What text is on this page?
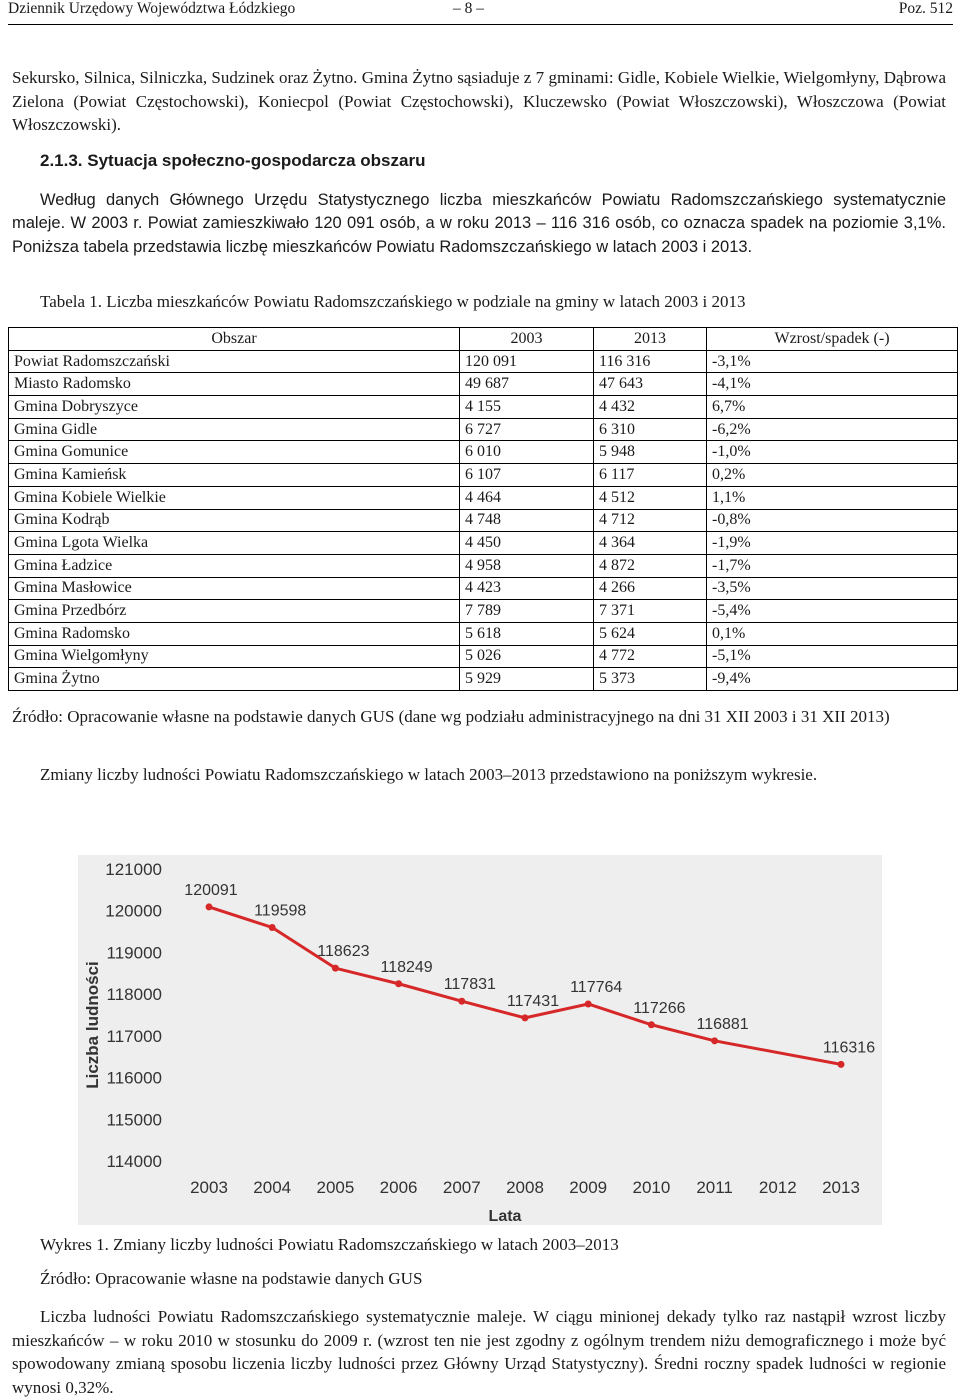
Dziennik Urzędowy Województwa Łódzkiego	– 8 –	Poz. 512

Sekursko, Silnica, Silniczka, Sudzinek oraz Żytno. Gmina Żytno sąsiaduje z 7 gminami: Gidle, Kobiele Wielkie, Wielgomłyny, Dąbrowa Zielona (Powiat Częstochowski), Koniecpol (Powiat Częstochowski), Kluczewsko (Powiat Włoszczowski), Włoszczowa (Powiat Włoszczowski).

2.1.3. Sytuacja społeczno-gospodarcza obszaru

Według danych Głównego Urzędu Statystycznego liczba mieszkańców Powiatu Radomszczańskiego systematycznie maleje. W 2003 r. Powiat zamieszkiwało 120 091 osób, a w roku 2013 – 116 316 osób, co oznacza spadek na poziomie 3,1%. Poniższa tabela przedstawia liczbę mieszkańców Powiatu Radomszczańskiego w latach 2003 i 2013.

Tabela 1. Liczba mieszkańców Powiatu Radomszczańskiego w podziale na gminy w latach 2003 i 2013

Obszar	2003	2013	Wzrost/spadek (-)
Powiat Radomszczański	120 091	116 316	-3,1%
Miasto Radomsko	49 687	47 643	-4,1%
Gmina Dobryszyce	4 155	4 432	6,7%
Gmina Gidle	6 727	6 310	-6,2%
Gmina Gomunice	6 010	5 948	-1,0%
Gmina Kamieńsk	6 107	6 117	0,2%
Gmina Kobiele Wielkie	4 464	4 512	1,1%
Gmina Kodrąb	4 748	4 712	-0,8%
Gmina Lgota Wielka	4 450	4 364	-1,9%
Gmina Ładzice	4 958	4 872	-1,7%
Gmina Masłowice	4 423	4 266	-3,5%
Gmina Przedbórz	7 789	7 371	-5,4%
Gmina Radomsko	5 618	5 624	0,1%
Gmina Wielgomłyny	5 026	4 772	-5,1%
Gmina Żytno	5 929	5 373	-9,4%

Źródło: Opracowanie własne na podstawie danych GUS (dane wg podziału administracyjnego na dni 31 XII 2003 i 31 XII 2013)

Zmiany liczby ludności Powiatu Radomszczańskiego w latach 2003–2013 przedstawiono na poniższym wykresie.

114000
115000
116000
117000
118000
119000
120000
121000
2003 2004 2005 2006 2007 2008 2009 2010 2011 2012 2013
Lata
Liczba ludności
120091
119598
118623
118249
117831
117431
117764
117266
116881
116316

Wykres 1. Zmiany liczby ludności Powiatu Radomszczańskiego w latach 2003–2013

Źródło: Opracowanie własne na podstawie danych GUS

Liczba ludności Powiatu Radomszczańskiego systematycznie maleje. W ciągu minionej dekady tylko raz nastąpił wzrost liczby mieszkańców – w roku 2010 w stosunku do 2009 r. (wzrost ten nie jest zgodny z ogólnym trendem niżu demograficznego i może być spowodowany zmianą sposobu liczenia liczby ludności przez Główny Urząd Statystyczny). Średni roczny spadek ludności w regionie wynosi 0,32%.
